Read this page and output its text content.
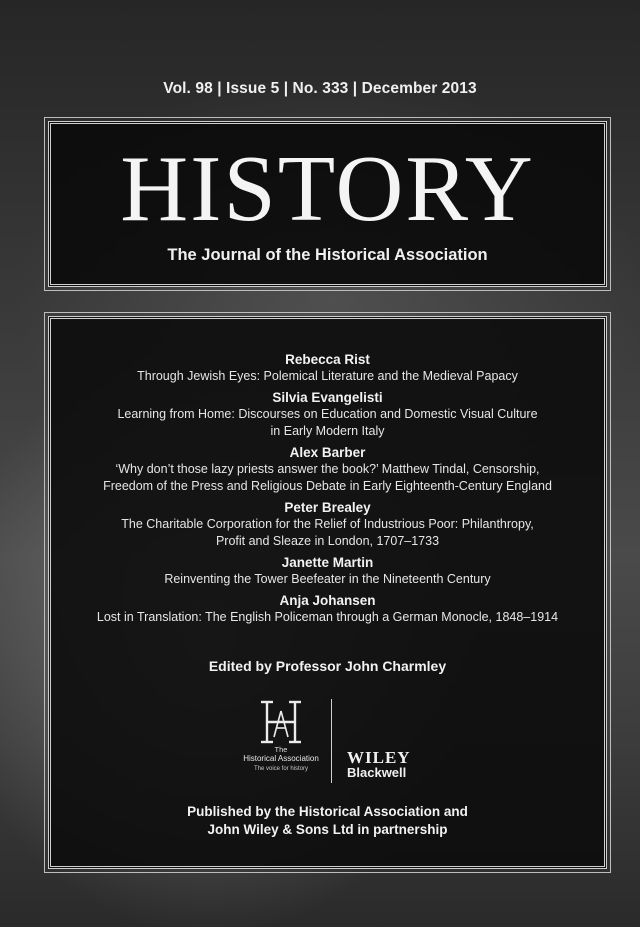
Vol. 98 | Issue 5 | No. 333 | December 2013
HISTORY
The Journal of the Historical Association
Rebecca Rist
Through Jewish Eyes: Polemical Literature and the Medieval Papacy
Silvia Evangelisti
Learning from Home: Discourses on Education and Domestic Visual Culture
in Early Modern Italy
Alex Barber
‘Why don’t those lazy priests answer the book?’ Matthew Tindal, Censorship,
Freedom of the Press and Religious Debate in Early Eighteenth-Century England
Peter Brealey
The Charitable Corporation for the Relief of Industrious Poor: Philanthropy,
Profit and Sleaze in London, 1707–1733
Janette Martin
Reinventing the Tower Beefeater in the Nineteenth Century
Anja Johansen
Lost in Translation: The English Policeman through a German Monocle, 1848–1914
Edited by Professor John Charmley
The
Historical Association
The voice for history
WILEY
Blackwell
Published by the Historical Association and
John Wiley & Sons Ltd in partnership
